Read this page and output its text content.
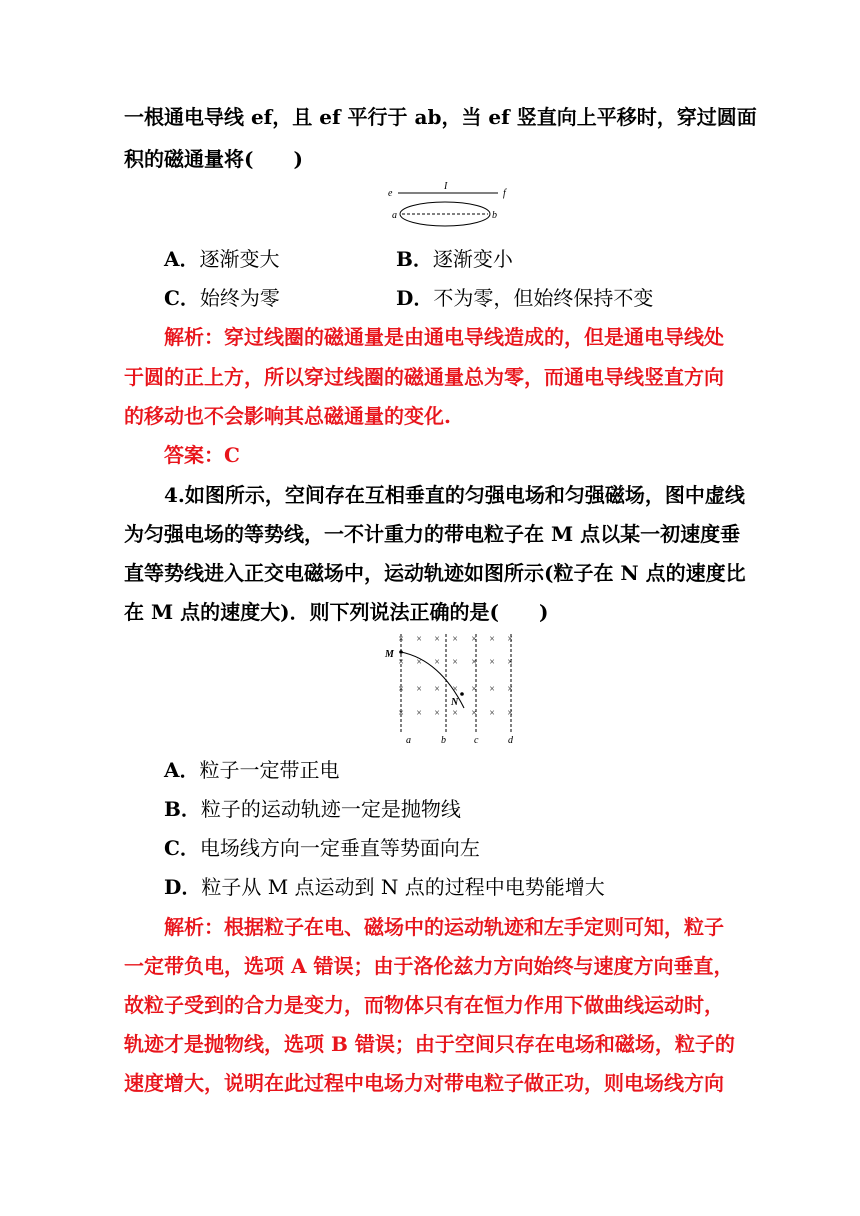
一根通电导线 ef，且 ef 平行于 ab，当 ef 竖直向上平移时，穿过圆面
积的磁通量将(　　)
e	f
I
a	b
A．逐渐变大	B．逐渐变小
C．始终为零	D．不为零，但始终保持不变
解析：穿过线圈的磁通量是由通电导线造成的，但是通电导线处
于圆的正上方，所以穿过线圈的磁通量总为零，而通电导线竖直方向
的移动也不会影响其总磁通量的变化.
答案：C
4.如图所示，空间存在互相垂直的匀强电场和匀强磁场，图中虚线
为匀强电场的等势线，一不计重力的带电粒子在 M 点以某一初速度垂
直等势线进入正交电磁场中，运动轨迹如图所示(粒子在 N 点的速度比
在 M 点的速度大)．则下列说法正确的是(　　)
× × × × × × ×
× × × × × × ×
× × × × × × ×
× × × × × × ×
M
N
a	b	c	d
A．粒子一定带正电
B．粒子的运动轨迹一定是抛物线
C．电场线方向一定垂直等势面向左
D．粒子从 M 点运动到 N 点的过程中电势能增大
解析：根据粒子在电、磁场中的运动轨迹和左手定则可知，粒子
一定带负电，选项 A 错误；由于洛伦兹力方向始终与速度方向垂直，
故粒子受到的合力是变力，而物体只有在恒力作用下做曲线运动时，
轨迹才是抛物线，选项 B 错误；由于空间只存在电场和磁场，粒子的
速度增大，说明在此过程中电场力对带电粒子做正功，则电场线方向
